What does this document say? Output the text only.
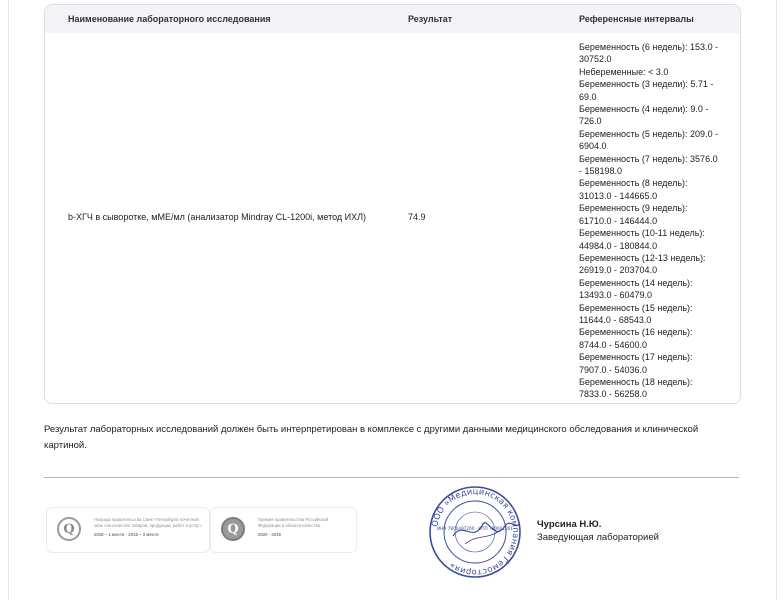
Наименование лабораторного исследования	Результат	Референсные интервалы
b-ХГЧ в сыворотке, мМЕ/мл (анализатор Mindray CL-1200i, метод ИХЛ)	74.9
Беременность (6 недель): 153.0 -
30752.0
Небеременные: < 3.0
Беременность (3 недели): 5.71 -
69.0
Беременность (4 недели): 9.0 -
726.0
Беременность (5 недель): 209.0 -
6904.0
Беременность (7 недель): 3576.0
- 158198.0
Беременность (8 недель):
31013.0 - 144665.0
Беременность (9 недель):
61710.0 - 146444.0
Беременность (10-11 недель):
44984.0 - 180844.0
Беременность (12-13 недель):
26919.0 - 203704.0
Беременность (14 недель):
13493.0 - 60479.0
Беременность (15 недель):
11644.0 - 68543.0
Беременность (16 недель):
8744.0 - 54600.0
Беременность (17 недель):
7907.0 - 54036.0
Беременность (18 недель):
7833.0 - 56258.0
Результат лабораторных исследований должен быть интерпретирован в комплексе с другими данными медицинского обследования и клинической картиной.
Q
Награда правительства Санкт-Петербурга почетный знак «За качество товаров, продукции, работ и услуг»
2018 – 1 место · 2016 – 3 место	Q
Премия правительства Российской Федерации в области качества
2020 · 2019
ООО «Медицинская компания Гемостория»
ИНН 7806497260 · КПП 780601001	Чурсина Н.Ю.
Заведующая лабораторией
